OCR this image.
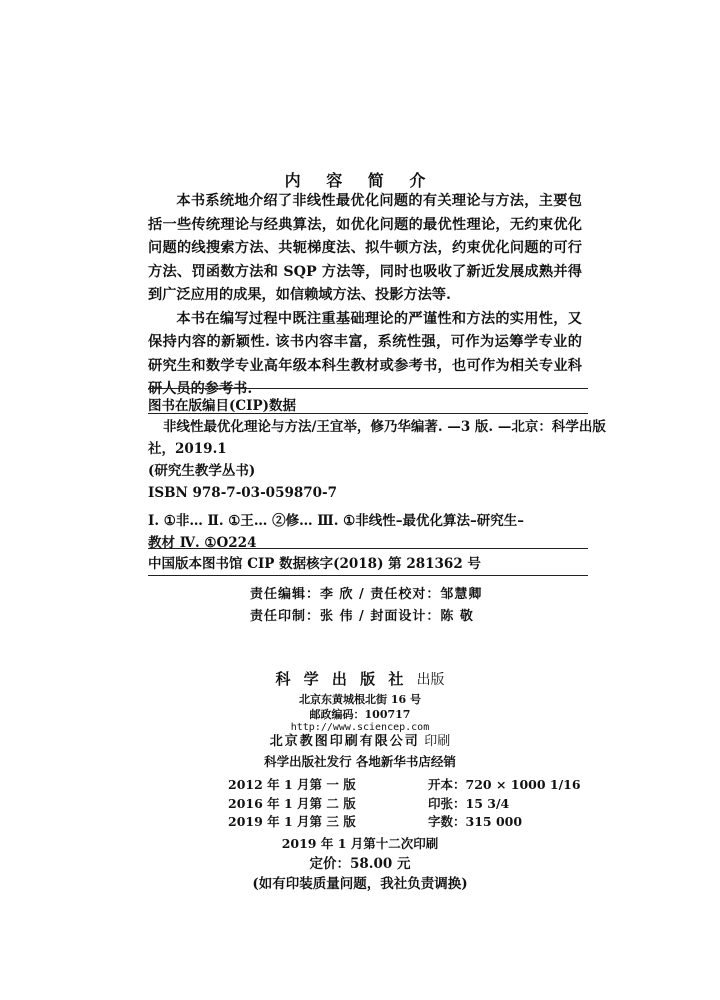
内 容 简 介

本书系统地介绍了非线性最优化问题的有关理论与方法，主要包括一些传统理论与经典算法，如优化问题的最优性理论，无约束优化问题的线搜索方法、共轭梯度法、拟牛顿方法，约束优化问题的可行方法、罚函数方法和 SQP 方法等，同时也吸收了新近发展成熟并得到广泛应用的成果，如信赖域方法、投影方法等.

本书在编写过程中既注重基础理论的严谨性和方法的实用性，又保持内容的新颖性. 该书内容丰富，系统性强，可作为运筹学专业的研究生和数学专业高年级本科生教材或参考书，也可作为相关专业科研人员的参考书.

图书在版编目(CIP)数据
非线性最优化理论与方法/王宜举，修乃华编著. —3 版. —北京：科学出版
社，2019.1
(研究生教学丛书)
ISBN 978-7-03-059870-7
Ⅰ. ①非… Ⅱ. ①王… ②修… Ⅲ. ①非线性–最优化算法–研究生–
教材 Ⅳ. ①O224
中国版本图书馆 CIP 数据核字(2018) 第 281362 号
责任编辑：李 欣 / 责任校对：邹慧卿
责任印制：张 伟 / 封面设计：陈 敬
科 学 出 版 社 出版
北京东黄城根北街 16 号
邮政编码：100717
http://www.sciencep.com
北京教图印刷有限公司 印刷
科学出版社发行 各地新华书店经销
2012 年 1 月第 一 版	开本：720 × 1000 1/16
2016 年 1 月第 二 版	印张：15 3/4
2019 年 1 月第 三 版	字数：315 000
2019 年 1 月第十二次印刷
定价：58.00 元
(如有印装质量问题，我社负责调换)
